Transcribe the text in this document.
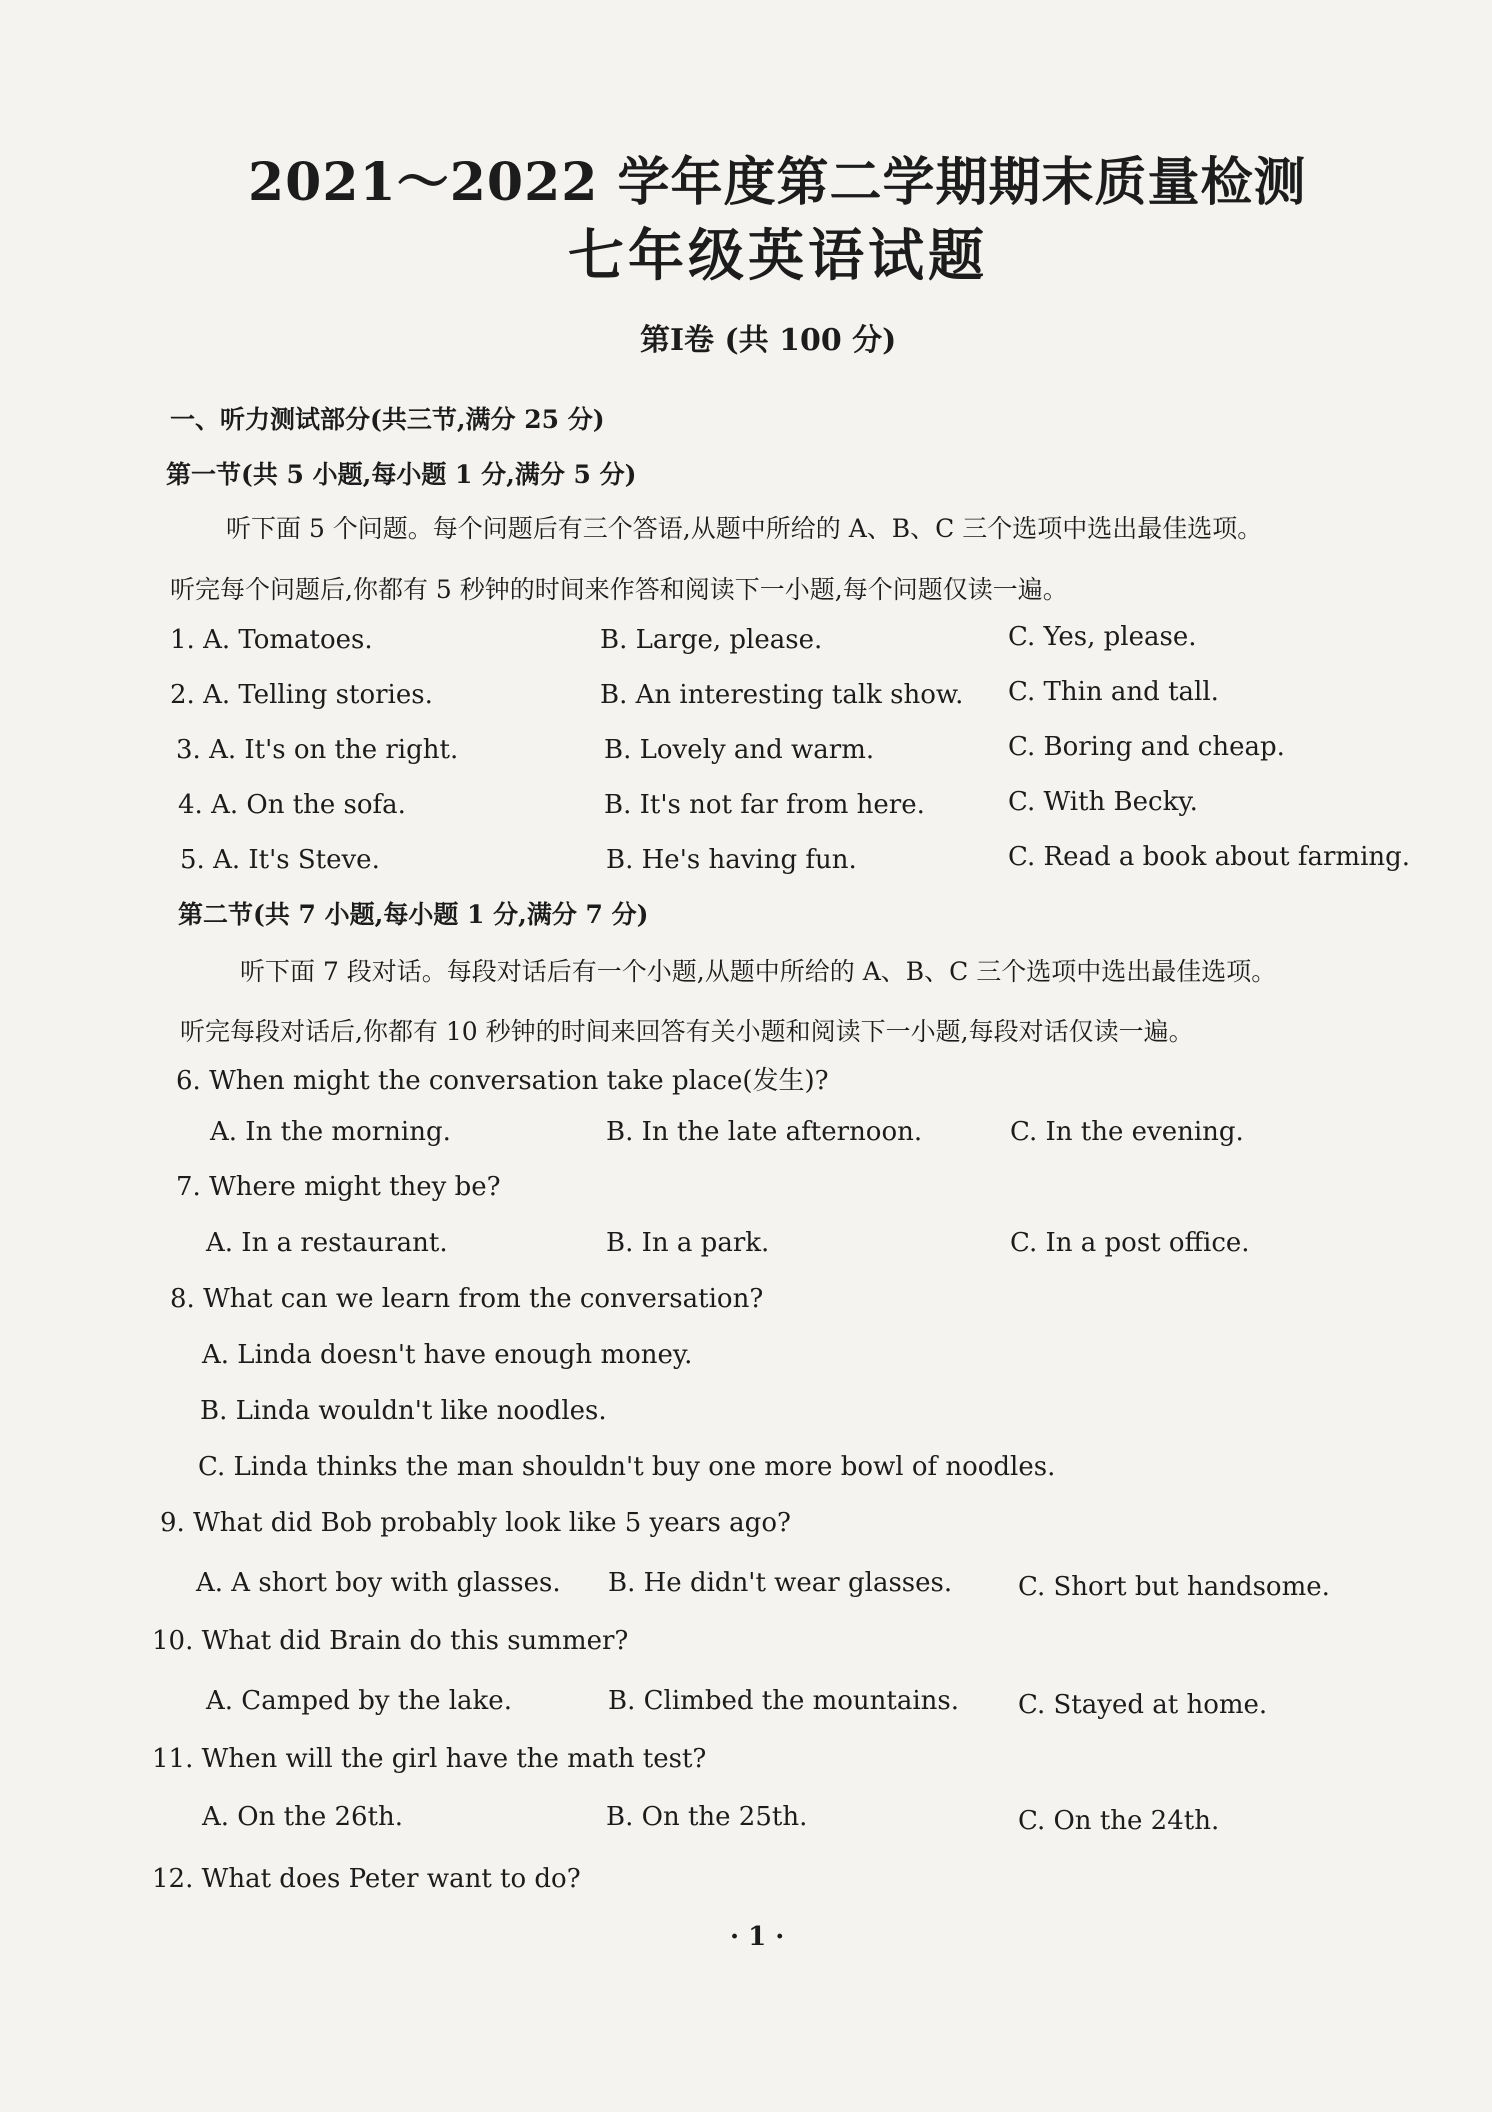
2021～2022 学年度第二学期期末质量检测
七年级英语试题
第Ⅰ卷 (共 100 分)
一、听力测试部分(共三节,满分 25 分)
第一节(共 5 小题,每小题 1 分,满分 5 分)
听下面 5 个问题。每个问题后有三个答语,从题中所给的 A、B、C 三个选项中选出最佳选项。
听完每个问题后,你都有 5 秒钟的时间来作答和阅读下一小题,每个问题仅读一遍。
1. A. Tomatoes.	B. Large, please.	C. Yes, please.
2. A. Telling stories.	B. An interesting talk show. C. Thin and tall.
3. A. It's on the right.	B. Lovely and warm.	C. Boring and cheap.
4. A. On the sofa.	B. It's not far from here.	C. With Becky.
5. A. It's Steve.	B. He's having fun.	C. Read a book about farming.
第二节(共 7 小题,每小题 1 分,满分 7 分)
听下面 7 段对话。每段对话后有一个小题,从题中所给的 A、B、C 三个选项中选出最佳选项。
听完每段对话后,你都有 10 秒钟的时间来回答有关小题和阅读下一小题,每段对话仅读一遍。
6. When might the conversation take place(发生)?
A. In the morning.	B. In the late afternoon.	C. In the evening.
7. Where might they be?
A. In a restaurant.	B. In a park.	C. In a post office.
8. What can we learn from the conversation?
A. Linda doesn't have enough money.
B. Linda wouldn't like noodles.
C. Linda thinks the man shouldn't buy one more bowl of noodles.
9. What did Bob probably look like 5 years ago?
A. A short boy with glasses. B. He didn't wear glasses.	C. Short but handsome.
10. What did Brain do this summer?
A. Camped by the lake.	B. Climbed the mountains. C. Stayed at home.
11. When will the girl have the math test?
A. On the 26th.	B. On the 25th.	C. On the 24th.
12. What does Peter want to do?
· 1 ·
